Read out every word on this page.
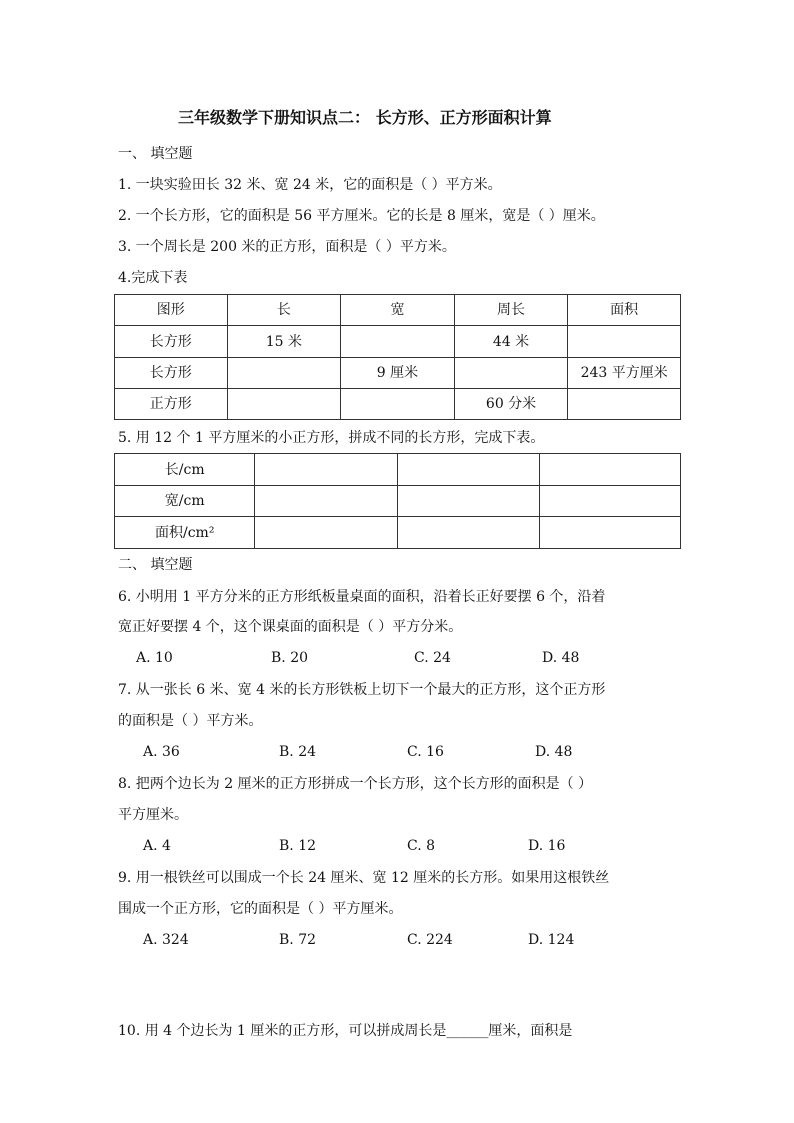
三年级数学下册知识点二： 长方形、正方形面积计算
一、 填空题
1. 一块实验田长 32 米、宽 24 米，它的面积是（ ）平方米。
2. 一个长方形，它的面积是 56 平方厘米。它的长是 8 厘米，宽是（ ）厘米。
3. 一个周长是 200 米的正方形，面积是（ ）平方米。
4.完成下表
图形	长	宽	周长	面积
长方形	15 米		44 米	
长方形		9 厘米		243 平方厘米
正方形			60 分米	
5. 用 12 个 1 平方厘米的小正方形，拼成不同的长方形，完成下表。
长/cm			
宽/cm			
面积/cm²			
二、 填空题
6. 小明用 1 平方分米的正方形纸板量桌面的面积，沿着长正好要摆 6 个，沿着
宽正好要摆 4 个，这个课桌面的面积是（ ）平方分米。
A. 10	B. 20	C. 24	D. 48
7. 从一张长 6 米、宽 4 米的长方形铁板上切下一个最大的正方形，这个正方形
的面积是（ ）平方米。
A. 36	B. 24	C. 16	D. 48
8. 把两个边长为 2 厘米的正方形拼成一个长方形，这个长方形的面积是（ ）
平方厘米。
A. 4	B. 12	C. 8	D. 16
9. 用一根铁丝可以围成一个长 24 厘米、宽 12 厘米的长方形。如果用这根铁丝
围成一个正方形，它的面积是（ ）平方厘米。
A. 324	B. 72	C. 224	D. 124
10. 用 4 个边长为 1 厘米的正方形，可以拼成周长是______厘米，面积是
